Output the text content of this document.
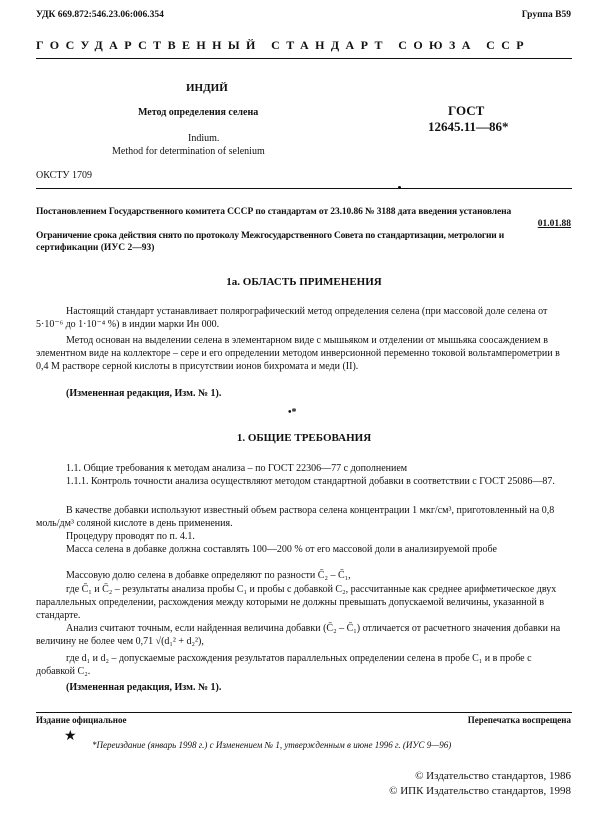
УДК 669.872:546.23.06:006.354	Группа В59
ГОСУДАРСТВЕННЫЙ СТАНДАРТ СОЮЗА ССР
ИНДИЙ
Метод определения селена
Indium.
Method for determination of selenium
ГОСТ
12645.11—86*
ОКСТУ 1709
Постановлением Государственного комитета СССР по стандартам от 23.10.86 № 3188 дата введения установлена
01.01.88
Ограничение срока действия снято по протоколу Межгосударственного Совета по стандартизации, метрологии и
сертификации (ИУС 2—93)
1а. ОБЛАСТЬ ПРИМЕНЕНИЯ

Настоящий стандарт устанавливает полярографический метод определения селена (при массовой доле селена от 5·10⁻⁶ до 1·10⁻⁴ %) в индии марки Ин 000.

Метод основан на выделении селена в элементарном виде с мышьяком и отделении от мышьяка соосаждением в элементном виде на коллекторе – сере и его определении методом инверсионной переменно токовой вольтамперометрии в 0,4 М растворе серной кислоты в присутствии ионов бихромата и меди (II).

(Измененная редакция, Изм. № 1).

•*
1. ОБЩИЕ ТРЕБОВАНИЯ

1.1. Общие требования к методам анализа – по ГОСТ 22306—77 с дополнением

1.1.1. Контроль точности анализа осуществляют методом стандартной добавки в соответствии с ГОСТ 25086—87.

В качестве добавки используют известный объем раствора селена концентрации 1 мкг/см³, приготовленный на 0,8 моль/дм³ соляной кислоте в день применения.

Процедуру проводят по п. 4.1.

Масса селена в добавке должна составлять 100—200 % от его массовой доли в анализируемой пробе

Массовую долю селена в добавке определяют по разности C̄₂ – C̄₁,

где C̄₁ и C̄₂ – результаты анализа пробы C₁ и пробы с добавкой C₂, рассчитанные как среднее арифметическое двух параллельных определении, расхождения между которыми не должны превышать допускаемой величины, указанной в стандарте.

Анализ считают точным, если найденная величина добавки (C̄₂ – C̄₁) отличается от расчетного значения добавки на величину не более чем 0,71 √(d₁² + d₂²),

где d₁ и d₂ – допускаемые расхождения результатов параллельных определении селена в пробе C₁ и в пробе с добавкой C₂.

(Измененная редакция, Изм. № 1).

Издание официальное	Перепечатка воспрещена
★
*Переиздание (январь 1998 г.) с Изменением № 1, утвержденным в июне 1996 г. (ИУС 9—96)
© Издательство стандартов, 1986
© ИПК Издательство стандартов, 1998
